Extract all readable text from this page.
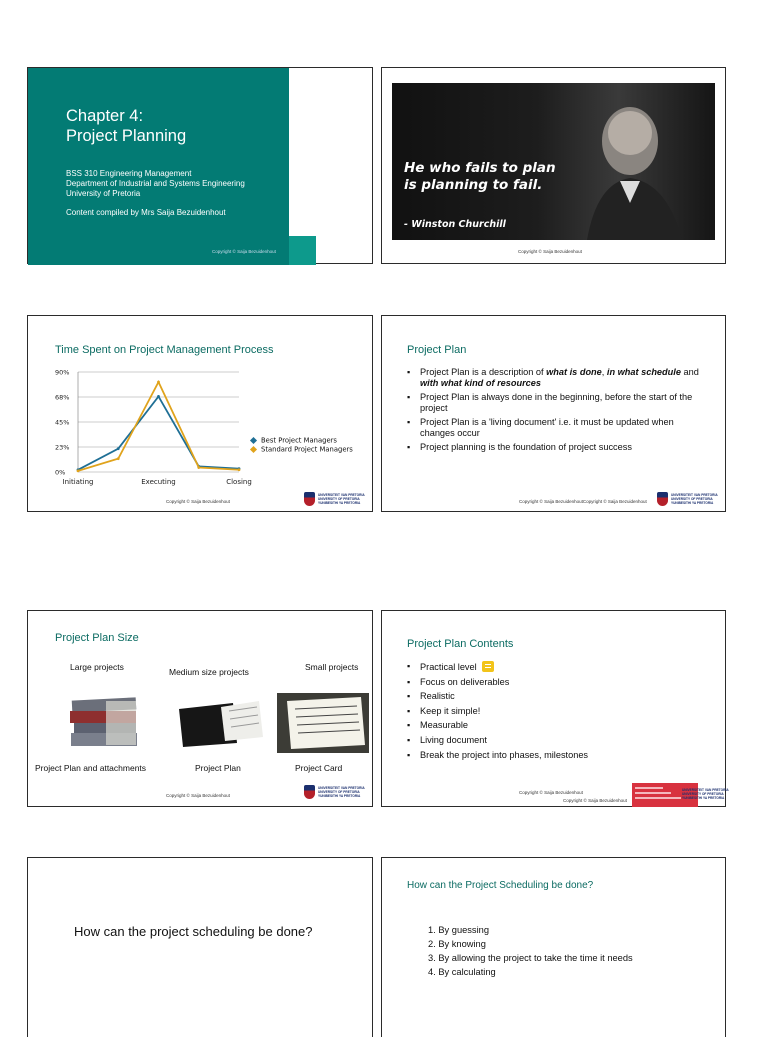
Chapter 4:
Project Planning
BSS 310 Engineering Management
Department of Industrial and Systems Engineering
University of Pretoria
Content compiled by Mrs Saija Bezuidenhout
Copyright © Saija Bezuidenhout
He who fails to plan
is planning to fail.
- Winston Churchill
Copyright © Saija Bezuidenhout
Time Spent on Project Management Process
0%
23%
45%
68%
90%
Initiating	Executing	Closing
Best Project Managers
Standard Project Managers
Copyright © Saija Bezuidenhout
UNIVERSITEIT VAN PRETORIA
UNIVERSITY OF PRETORIA
YUNIBESITHI YA PRETORIA
Project Plan
▪ Project Plan is a description of what is done, in what schedule and with what kind of resources
▪ Project Plan is always done in the beginning, before the start of the project
▪ Project Plan is a 'living document' i.e. it must be updated when changes occur
▪ Project planning is the foundation of project success
Copyright © Saija BezuidenhoutCopyright © Saija Bezuidenhout
UNIVERSITEIT VAN PRETORIA
UNIVERSITY OF PRETORIA
YUNIBESITHI YA PRETORIA
Project Plan Size
Large projects	Medium size projects	Small projects
Project Plan and attachments	Project Plan	Project Card
Copyright © Saija Bezuidenhout
UNIVERSITEIT VAN PRETORIA
UNIVERSITY OF PRETORIA
YUNIBESITHI YA PRETORIA
Project Plan Contents
▪ Practical level
▪ Focus on deliverables
▪ Realistic
▪ Keep it simple!
▪ Measurable
▪ Living document
▪ Break the project into phases, milestones
Copyright © Saija Bezuidenhout
Copyright © Saija Bezuidenhout
UNIVERSITEIT VAN PRETORIA
UNIVERSITY OF PRETORIA
YUNIBESITHI YA PRETORIA
How can the project scheduling be done?
How can the Project Scheduling be done?
1. By guessing
2. By knowing
3. By allowing the project to take the time it needs
4. By calculating
